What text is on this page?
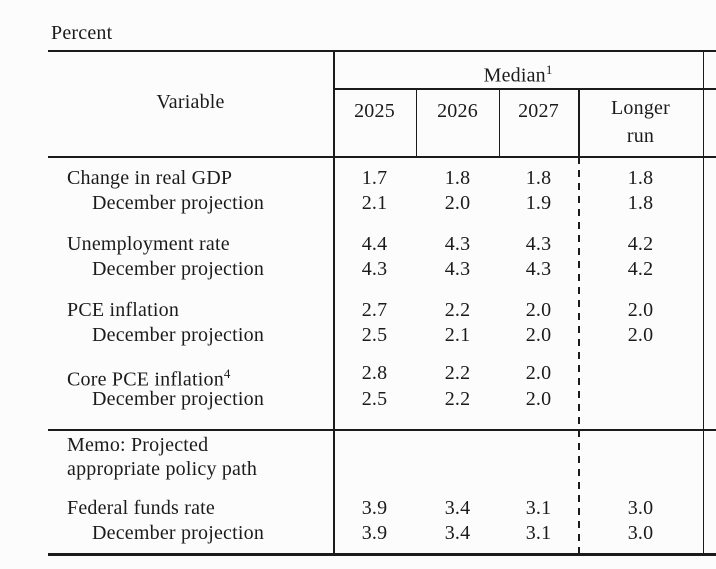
Percent
Variable
Median$^1$
2025	2026	2027	Longer run
Change in real GDP	1.7	1.8	1.8	1.8
December projection	2.1	2.0	1.9	1.8
Unemployment rate	4.4	4.3	4.3	4.2
December projection	4.3	4.3	4.3	4.2
PCE inflation	2.7	2.2	2.0	2.0
December projection	2.5	2.1	2.0	2.0
Core PCE inflation$^4$	2.8	2.2	2.0
December projection	2.5	2.2	2.0
Memo: Projected
appropriate policy path
Federal funds rate	3.9	3.4	3.1	3.0
December projection	3.9	3.4	3.1	3.0
